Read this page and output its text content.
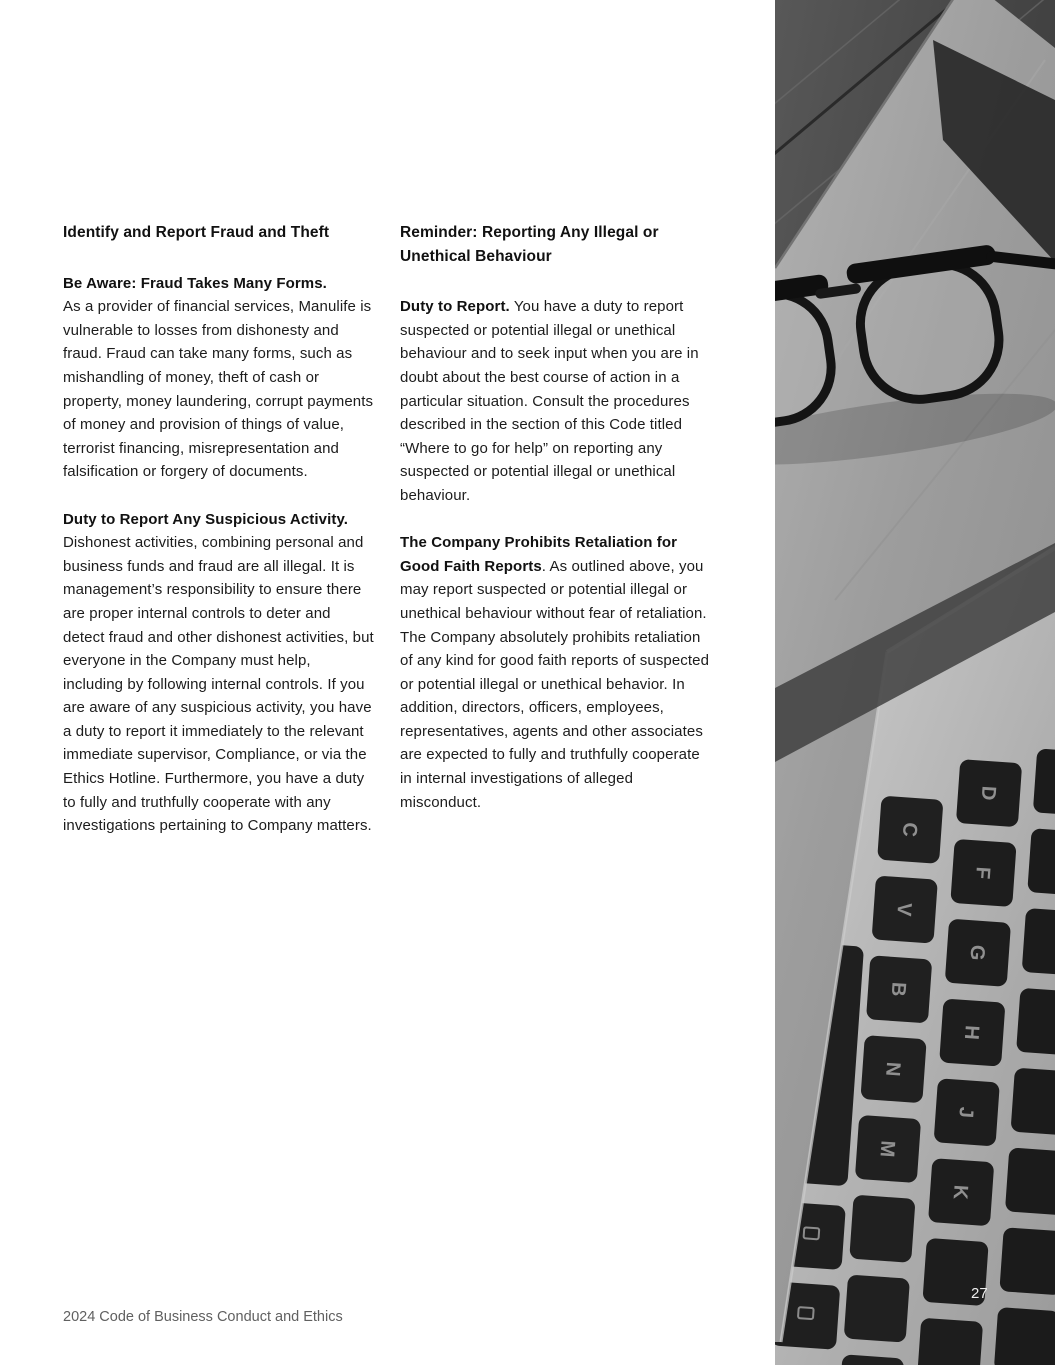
Identify and Report Fraud and Theft

Be Aware: Fraud Takes Many Forms.
As a provider of financial services, Manulife is vulnerable to losses from dishonesty and fraud. Fraud can take many forms, such as mishandling of money, theft of cash or property, money laundering, corrupt payments of money and provision of things of value, terrorist financing, misrepresentation and falsification or forgery of documents.

Duty to Report Any Suspicious Activity.
Dishonest activities, combining personal and business funds and fraud are all illegal. It is management’s responsibility to ensure there are proper internal controls to deter and detect fraud and other dishonest activities, but everyone in the Company must help, including by following internal controls. If you are aware of any suspicious activity, you have a duty to report it immediately to the relevant immediate supervisor, Compliance, or via the Ethics Hotline. Furthermore, you have a duty to fully and truthfully cooperate with any investigations pertaining to Company matters.

Reminder: Reporting Any Illegal or Unethical Behaviour

Duty to Report. You have a duty to report suspected or potential illegal or unethical behaviour and to seek input when you are in doubt about the best course of action in a particular situation. Consult the procedures described in the section of this Code titled “Where to go for help” on reporting any suspected or potential illegal or unethical behaviour.

The Company Prohibits Retaliation for Good Faith Reports. As outlined above, you may report suspected or potential illegal or unethical behaviour without fear of retaliation. The Company absolutely prohibits retaliation of any kind for good faith reports of suspected or potential illegal or unethical behavior. In addition, directors, officers, employees, representatives, agents and other associates are expected to fully and truthfully cooperate in internal investigations of alleged misconduct.

2024 Code of Business Conduct and Ethics
C
V
B
N
M
D
F
G
H
J
K
27
